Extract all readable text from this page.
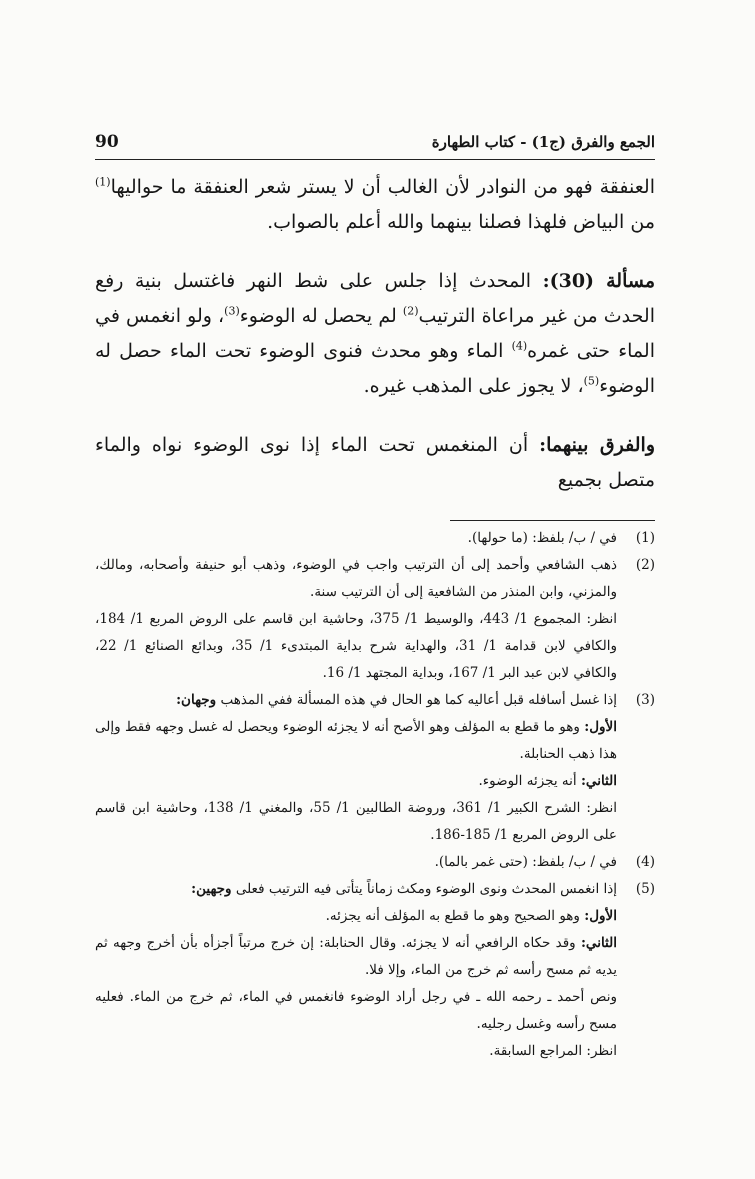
الجمع والفرق (ج1) - كتاب الطهارة
90

العنفقة فهو من النوادر لأن الغالب أن لا يستر شعر العنفقة ما حواليها$^{(1)}$ من البياض فلهذا فصلنا بينهما والله أعلم بالصواب.

مسألة (30): المحدث إذا جلس على شط النهر فاغتسل بنية رفع الحدث من غير مراعاة الترتيب$^{(2)}$ لم يحصل له الوضوء$^{(3)}$، ولو انغمس في الماء حتى غمره$^{(4)}$ الماء وهو محدث فنوى الوضوء تحت الماء حصل له الوضوء$^{(5)}$، لا يجوز على المذهب غيره.

والفرق بينهما: أن المنغمس تحت الماء إذا نوى الوضوء نواه والماء متصل بجميع

(1)

في / ب/ بلفظ: (ما حولها).

(2)

ذهب الشافعي وأحمد إلى أن الترتيب واجب في الوضوء، وذهب أبو حنيفة وأصحابه، ومالك، والمزني، وابن المنذر من الشافعية إلى أن الترتيب سنة.

انظر: المجموع 1/ 443، والوسيط 1/ 375، وحاشية ابن قاسم على الروض المربع 1/ 184، والكافي لابن قدامة 1/ 31، والهداية شرح بداية المبتدىء 1/ 35، وبدائع الصنائع 1/ 22، والكافي لابن عبد البر 1/ 167، وبداية المجتهد 1/ 16.

(3)

إذا غسل أسافله قبل أعاليه كما هو الحال في هذه المسألة ففي المذهب وجهان:

الأول: وهو ما قطع به المؤلف وهو الأصح أنه لا يجزئه الوضوء ويحصل له غسل وجهه فقط وإلى هذا ذهب الحنابلة.

الثاني: أنه يجزئه الوضوء.

انظر: الشرح الكبير 1/ 361، وروضة الطالبين 1/ 55، والمغني 1/ 138، وحاشية ابن قاسم على الروض المربع 1/ 185-186.

(4)

في / ب/ بلفظ: (حتى غمر بالما).

(5)

إذا انغمس المحدث ونوى الوضوء ومكث زماناً يتأتى فيه الترتيب فعلى وجهين:

الأول: وهو الصحيح وهو ما قطع به المؤلف أنه يجزئه.

الثاني: وقد حكاه الرافعي أنه لا يجزئه. وقال الحنابلة: إن خرج مرتباً أجزأه بأن أخرج وجهه ثم يديه ثم مسح رأسه ثم خرج من الماء، وإلا فلا.

ونص أحمد ـ رحمه الله ـ في رجل أراد الوضوء فانغمس في الماء، ثم خرج من الماء. فعليه مسح رأسه وغسل رجليه.

انظر: المراجع السابقة.
